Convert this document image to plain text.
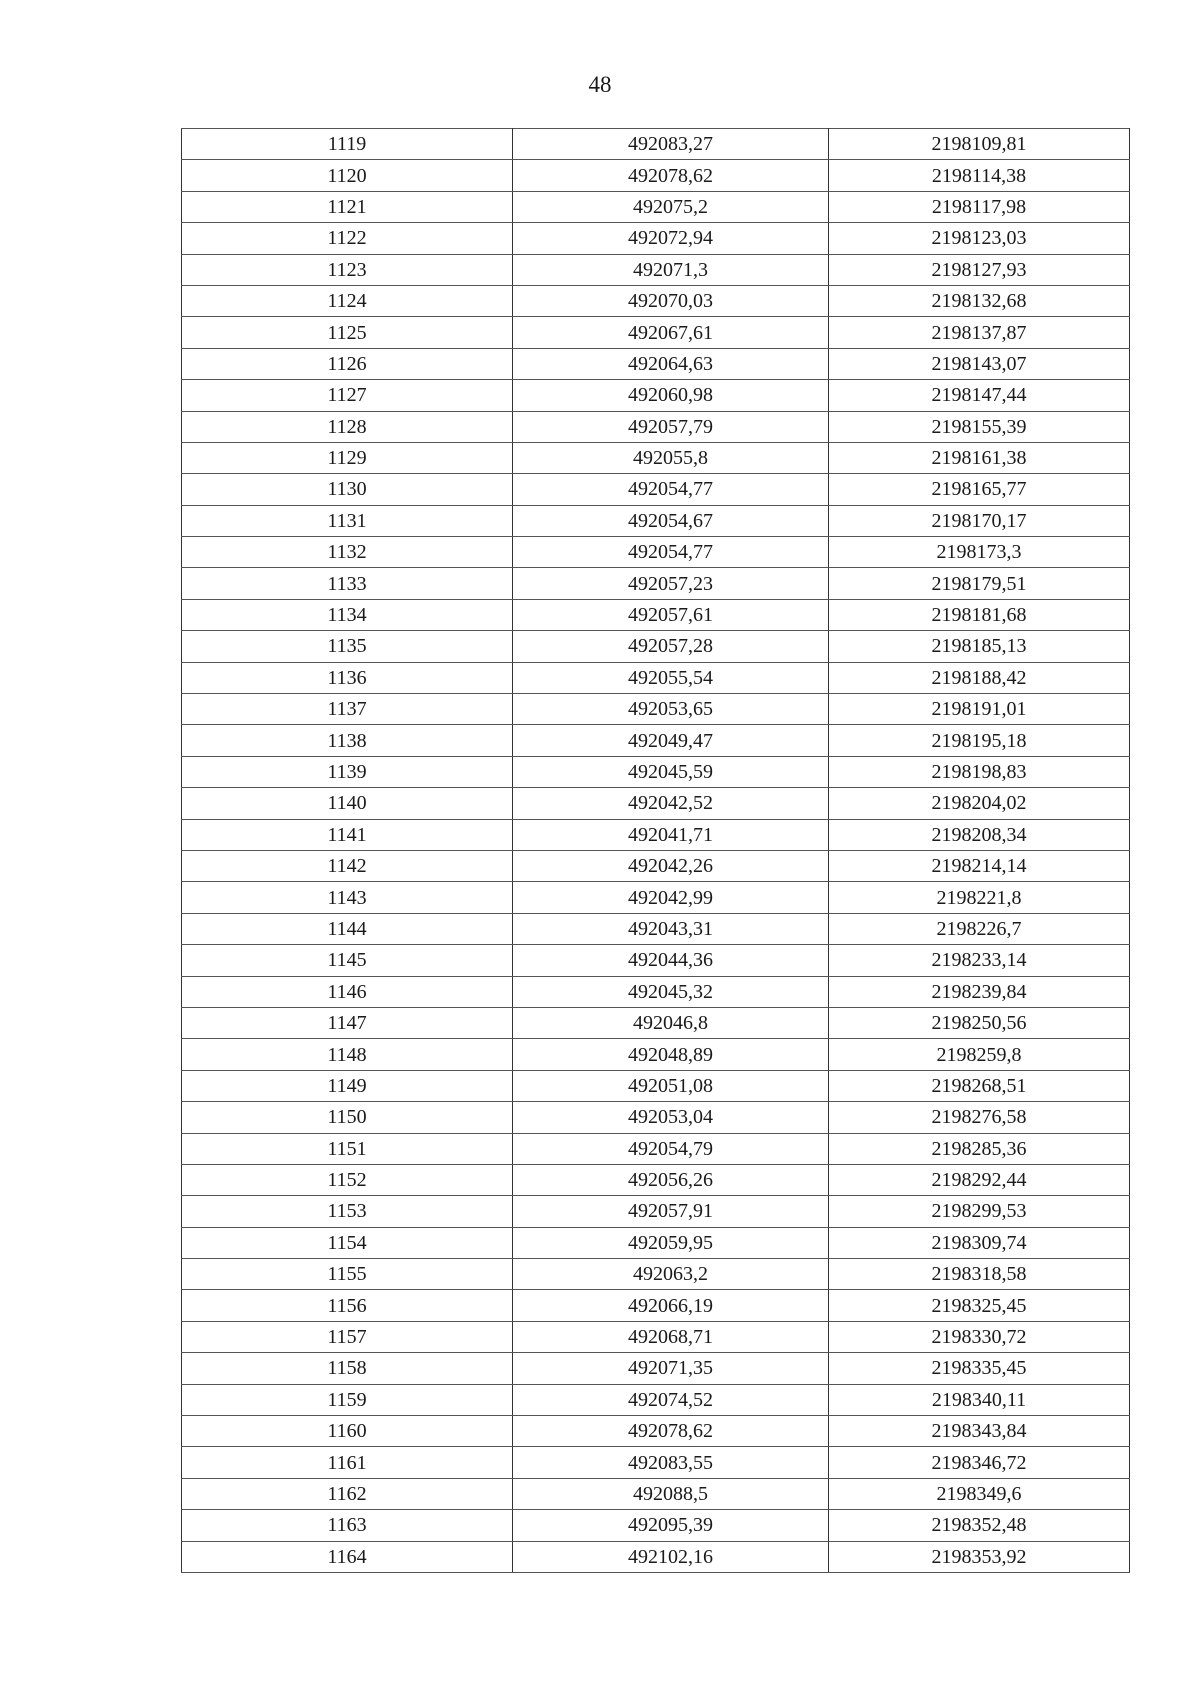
48
1119	492083,27	2198109,81
1120	492078,62	2198114,38
1121	492075,2	2198117,98
1122	492072,94	2198123,03
1123	492071,3	2198127,93
1124	492070,03	2198132,68
1125	492067,61	2198137,87
1126	492064,63	2198143,07
1127	492060,98	2198147,44
1128	492057,79	2198155,39
1129	492055,8	2198161,38
1130	492054,77	2198165,77
1131	492054,67	2198170,17
1132	492054,77	2198173,3
1133	492057,23	2198179,51
1134	492057,61	2198181,68
1135	492057,28	2198185,13
1136	492055,54	2198188,42
1137	492053,65	2198191,01
1138	492049,47	2198195,18
1139	492045,59	2198198,83
1140	492042,52	2198204,02
1141	492041,71	2198208,34
1142	492042,26	2198214,14
1143	492042,99	2198221,8
1144	492043,31	2198226,7
1145	492044,36	2198233,14
1146	492045,32	2198239,84
1147	492046,8	2198250,56
1148	492048,89	2198259,8
1149	492051,08	2198268,51
1150	492053,04	2198276,58
1151	492054,79	2198285,36
1152	492056,26	2198292,44
1153	492057,91	2198299,53
1154	492059,95	2198309,74
1155	492063,2	2198318,58
1156	492066,19	2198325,45
1157	492068,71	2198330,72
1158	492071,35	2198335,45
1159	492074,52	2198340,11
1160	492078,62	2198343,84
1161	492083,55	2198346,72
1162	492088,5	2198349,6
1163	492095,39	2198352,48
1164	492102,16	2198353,92
